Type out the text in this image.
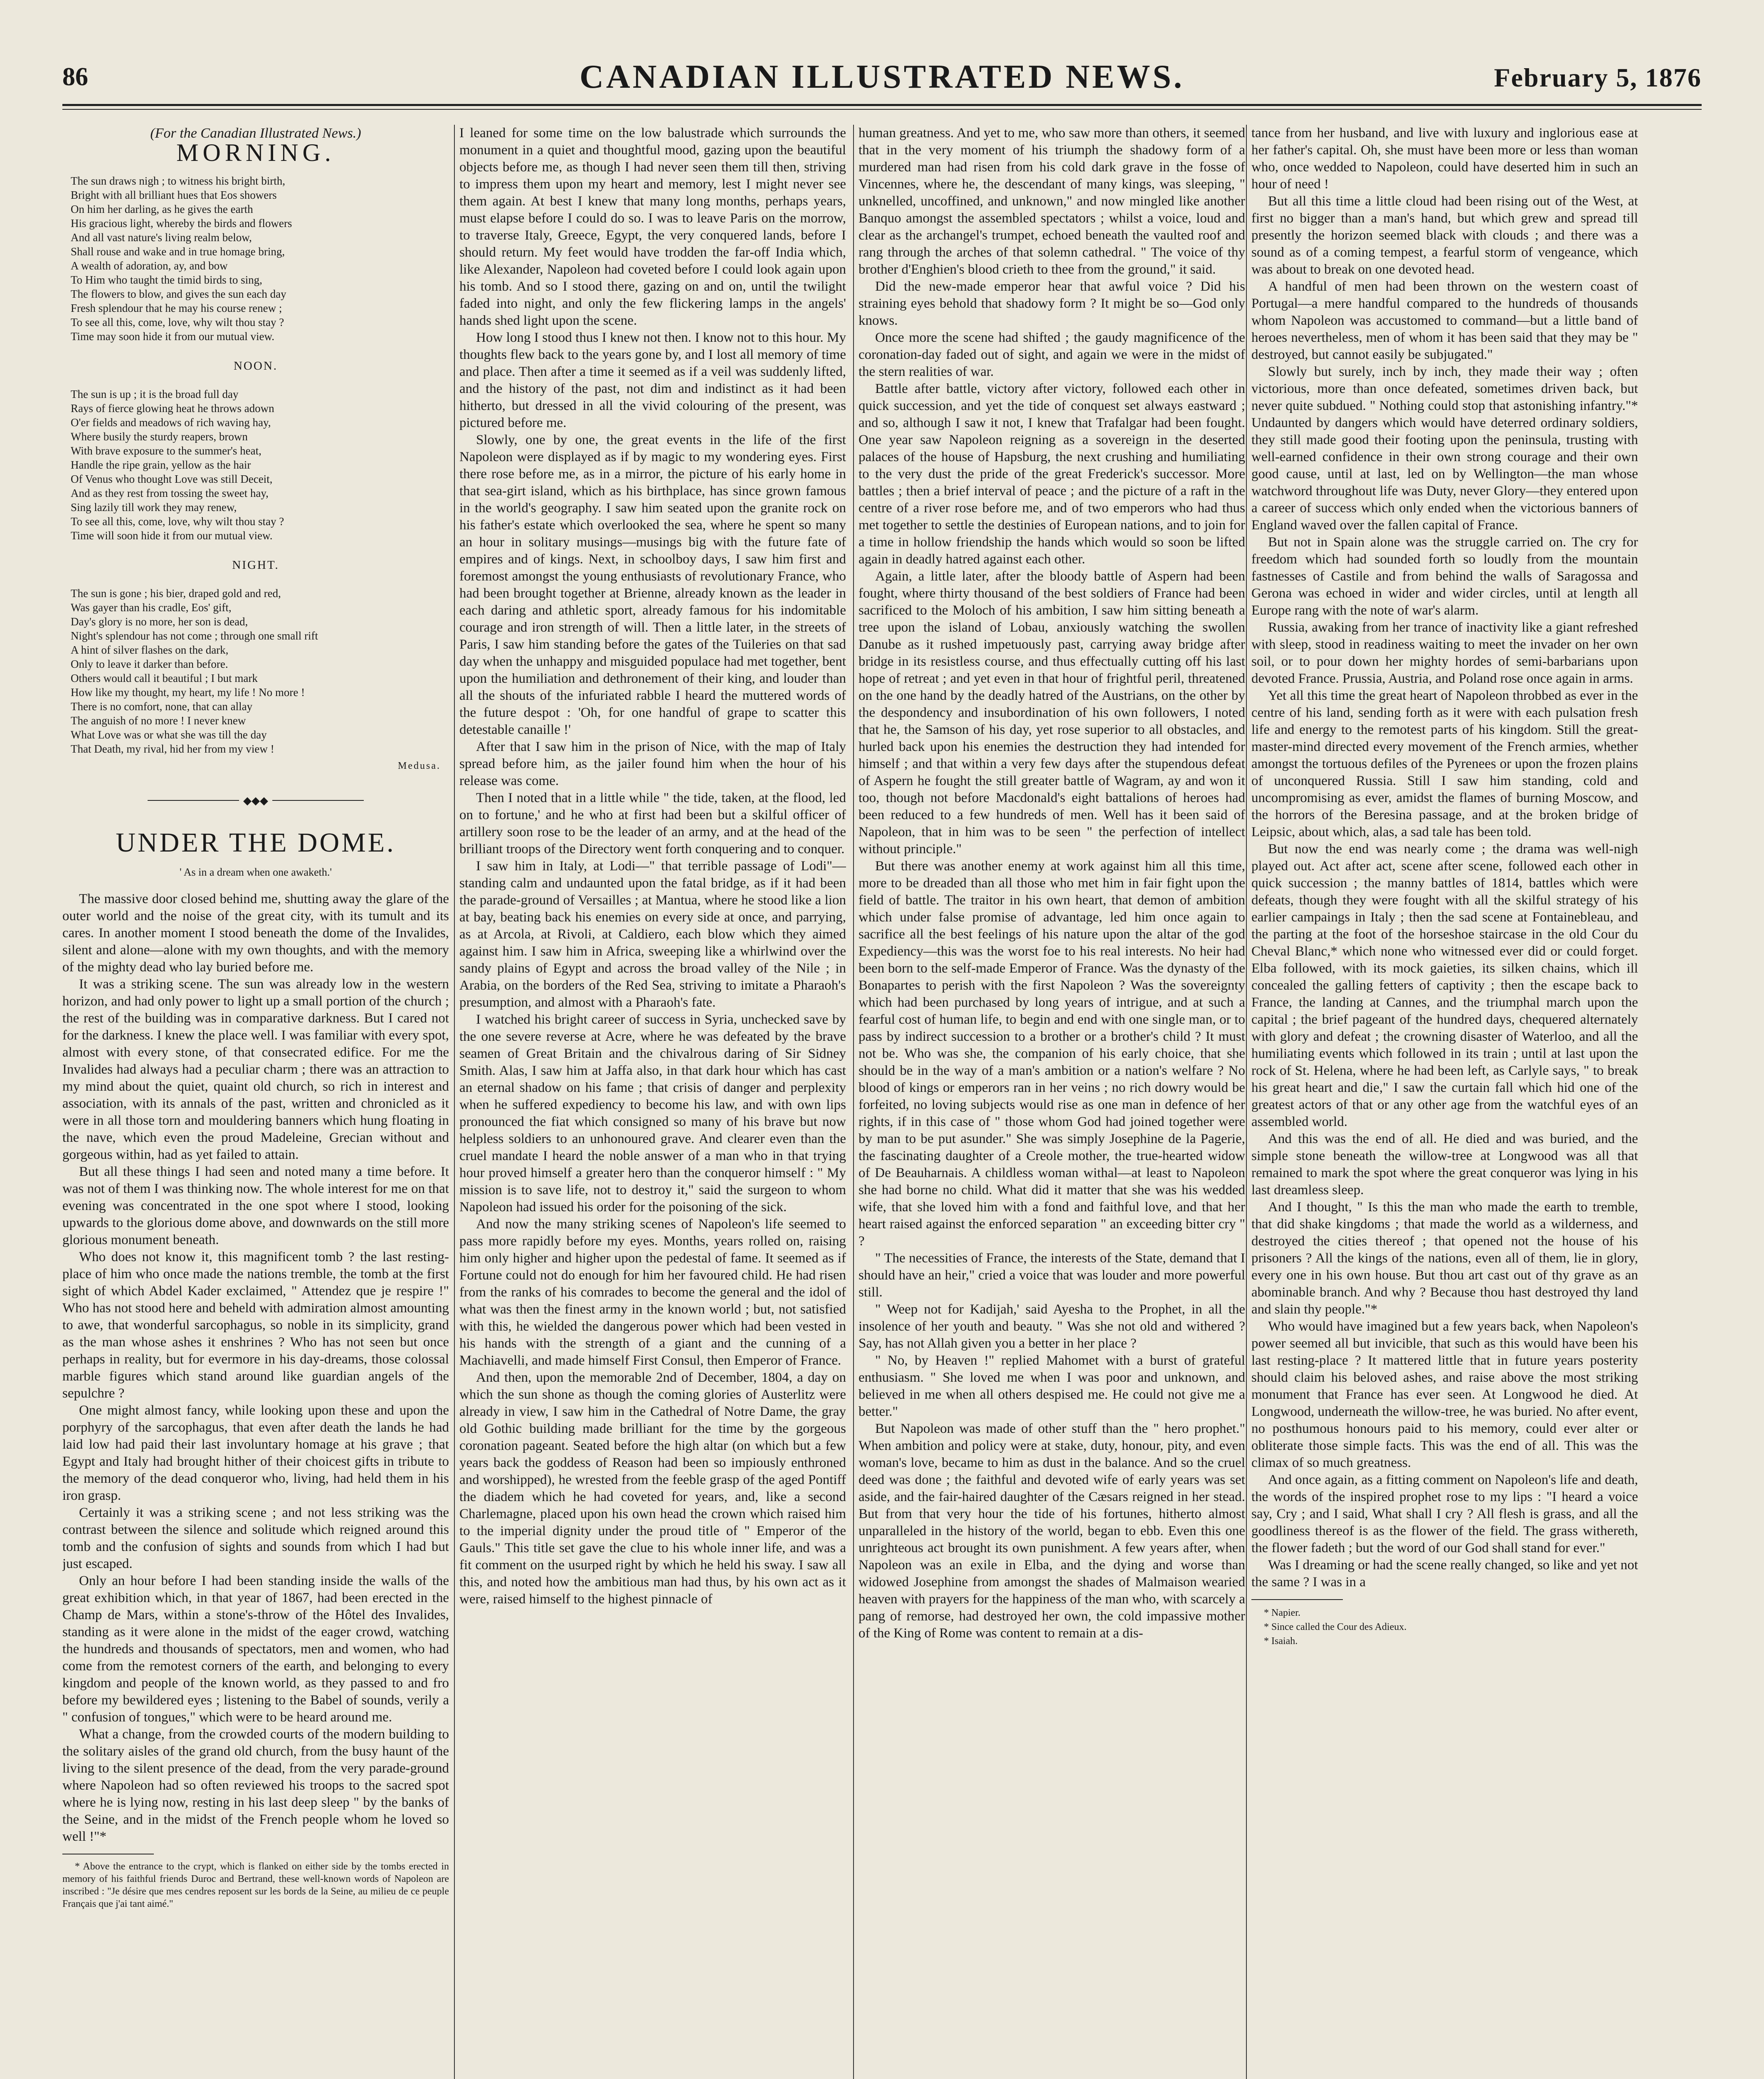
86	CANADIAN ILLUSTRATED NEWS.	February 5, 1876
(For the Canadian Illustrated News.)
MORNING.
The sun draws nigh ; to witness his bright birth,
Bright with all brilliant hues that Eos showers
On him her darling, as he gives the earth
His gracious light, whereby the birds and flowers
And all vast nature's living realm below,
Shall rouse and wake and in true homage bring,
A wealth of adoration, ay, and bow
To Him who taught the timid birds to sing,
The flowers to blow, and gives the sun each day
Fresh splendour that he may his course renew ;
To see all this, come, love, why wilt thou stay ?
Time may soon hide it from our mutual view.
NOON.
The sun is up ; it is the broad full day
Rays of fierce glowing heat he throws adown
O'er fields and meadows of rich waving hay,
Where busily the sturdy reapers, brown
With brave exposure to the summer's heat,
Handle the ripe grain, yellow as the hair
Of Venus who thought Love was still Deceit,
And as they rest from tossing the sweet hay,
Sing lazily till work they may renew,
To see all this, come, love, why wilt thou stay ?
Time will soon hide it from our mutual view.
NIGHT.
The sun is gone ; his bier, draped gold and red,
Was gayer than his cradle, Eos' gift,
Day's glory is no more, her son is dead,
Night's splendour has not come ; through one small rift
A hint of silver flashes on the dark,
Only to leave it darker than before.
Others would call it beautiful ; I but mark
How like my thought, my heart, my life ! No more !
There is no comfort, none, that can allay
The anguish of no more ! I never knew
What Love was or what she was till the day
That Death, my rival, hid her from my view !
Medusa.
◆◆◆
UNDER THE DOME.
' As in a dream when one awaketh.'

The massive door closed behind me, shutting away the glare of the outer world and the noise of the great city, with its tumult and its cares. In another moment I stood beneath the dome of the Invalides, silent and alone—alone with my own thoughts, and with the memory of the mighty dead who lay buried before me.

It was a striking scene. The sun was already low in the western horizon, and had only power to light up a small portion of the church ; the rest of the building was in comparative darkness. But I cared not for the darkness. I knew the place well. I was familiar with every spot, almost with every stone, of that consecrated edifice. For me the Invalides had always had a peculiar charm ; there was an attraction to my mind about the quiet, quaint old church, so rich in interest and association, with its annals of the past, written and chronicled as it were in all those torn and mouldering banners which hung floating in the nave, which even the proud Madeleine, Grecian without and gorgeous within, had as yet failed to attain.

But all these things I had seen and noted many a time before. It was not of them I was thinking now. The whole interest for me on that evening was concentrated in the one spot where I stood, looking upwards to the glorious dome above, and downwards on the still more glorious monument beneath.

Who does not know it, this magnificent tomb ? the last resting-place of him who once made the nations tremble, the tomb at the first sight of which Abdel Kader exclaimed, " Attendez que je respire !" Who has not stood here and beheld with admiration almost amounting to awe, that wonderful sarcophagus, so noble in its simplicity, grand as the man whose ashes it enshrines ? Who has not seen but once perhaps in reality, but for evermore in his day-dreams, those colossal marble figures which stand around like guardian angels of the sepulchre ?

One might almost fancy, while looking upon these and upon the porphyry of the sarcophagus, that even after death the lands he had laid low had paid their last involuntary homage at his grave ; that Egypt and Italy had brought hither of their choicest gifts in tribute to the memory of the dead conqueror who, living, had held them in his iron grasp.

Certainly it was a striking scene ; and not less striking was the contrast between the silence and solitude which reigned around this tomb and the confusion of sights and sounds from which I had but just escaped.

Only an hour before I had been standing inside the walls of the great exhibition which, in that year of 1867, had been erected in the Champ de Mars, within a stone's-throw of the Hôtel des Invalides, standing as it were alone in the midst of the eager crowd, watching the hundreds and thousands of spectators, men and women, who had come from the remotest corners of the earth, and belonging to every kingdom and people of the known world, as they passed to and fro before my bewildered eyes ; listening to the Babel of sounds, verily a " confusion of tongues," which were to be heard around me.

What a change, from the crowded courts of the modern building to the solitary aisles of the grand old church, from the busy haunt of the living to the silent presence of the dead, from the very parade-ground where Napoleon had so often reviewed his troops to the sacred spot where he is lying now, resting in his last deep sleep " by the banks of the Seine, and in the midst of the French people whom he loved so well !"*

* Above the entrance to the crypt, which is flanked on either side by the tombs erected in memory of his faithful friends Duroc and Bertrand, these well-known words of Napoleon are inscribed : "Je désire que mes cendres reposent sur les bords de la Seine, au milieu de ce peuple Français que j'ai tant aimé."

I leaned for some time on the low balustrade which surrounds the monument in a quiet and thoughtful mood, gazing upon the beautiful objects before me, as though I had never seen them till then, striving to impress them upon my heart and memory, lest I might never see them again. At best I knew that many long months, perhaps years, must elapse before I could do so. I was to leave Paris on the morrow, to traverse Italy, Greece, Egypt, the very conquered lands, before I should return. My feet would have trodden the far-off India which, like Alexander, Napoleon had coveted before I could look again upon his tomb. And so I stood there, gazing on and on, until the twilight faded into night, and only the few flickering lamps in the angels' hands shed light upon the scene.

How long I stood thus I knew not then. I know not to this hour. My thoughts flew back to the years gone by, and I lost all memory of time and place. Then after a time it seemed as if a veil was suddenly lifted, and the history of the past, not dim and indistinct as it had been hitherto, but dressed in all the vivid colouring of the present, was pictured before me.

Slowly, one by one, the great events in the life of the first Napoleon were displayed as if by magic to my wondering eyes. First there rose before me, as in a mirror, the picture of his early home in that sea-girt island, which as his birthplace, has since grown famous in the world's geography. I saw him seated upon the granite rock on his father's estate which overlooked the sea, where he spent so many an hour in solitary musings—musings big with the future fate of empires and of kings. Next, in schoolboy days, I saw him first and foremost amongst the young enthusiasts of revolutionary France, who had been brought together at Brienne, already known as the leader in each daring and athletic sport, already famous for his indomitable courage and iron strength of will. Then a little later, in the streets of Paris, I saw him standing before the gates of the Tuileries on that sad day when the unhappy and misguided populace had met together, bent upon the humiliation and dethronement of their king, and louder than all the shouts of the infuriated rabble I heard the muttered words of the future despot : 'Oh, for one handful of grape to scatter this detestable canaille !'

After that I saw him in the prison of Nice, with the map of Italy spread before him, as the jailer found him when the hour of his release was come.

Then I noted that in a little while " the tide, taken, at the flood, led on to fortune,' and he who at first had been but a skilful officer of artillery soon rose to be the leader of an army, and at the head of the brilliant troops of the Directory went forth conquering and to conquer.

I saw him in Italy, at Lodi—" that terrible passage of Lodi"—standing calm and undaunted upon the fatal bridge, as if it had been the parade-ground of Versailles ; at Mantua, where he stood like a lion at bay, beating back his enemies on every side at once, and parrying, as at Arcola, at Rivoli, at Caldiero, each blow which they aimed against him. I saw him in Africa, sweeping like a whirlwind over the sandy plains of Egypt and across the broad valley of the Nile ; in Arabia, on the borders of the Red Sea, striving to imitate a Pharaoh's presumption, and almost with a Pharaoh's fate.

I watched his bright career of success in Syria, unchecked save by the one severe reverse at Acre, where he was defeated by the brave seamen of Great Britain and the chivalrous daring of Sir Sidney Smith. Alas, I saw him at Jaffa also, in that dark hour which has cast an eternal shadow on his fame ; that crisis of danger and perplexity when he suffered expediency to become his law, and with own lips pronounced the fiat which consigned so many of his brave but now helpless soldiers to an unhonoured grave. And clearer even than the cruel mandate I heard the noble answer of a man who in that trying hour proved himself a greater hero than the conqueror himself : " My mission is to save life, not to destroy it," said the surgeon to whom Napoleon had issued his order for the poisoning of the sick.

And now the many striking scenes of Napoleon's life seemed to pass more rapidly before my eyes. Months, years rolled on, raising him only higher and higher upon the pedestal of fame. It seemed as if Fortune could not do enough for him her favoured child. He had risen from the ranks of his comrades to become the general and the idol of what was then the finest army in the known world ; but, not satisfied with this, he wielded the dangerous power which had been vested in his hands with the strength of a giant and the cunning of a Machiavelli, and made himself First Consul, then Emperor of France.

And then, upon the memorable 2nd of December, 1804, a day on which the sun shone as though the coming glories of Austerlitz were already in view, I saw him in the Cathedral of Notre Dame, the gray old Gothic building made brilliant for the time by the gorgeous coronation pageant. Seated before the high altar (on which but a few years back the goddess of Reason had been so impiously enthroned and worshipped), he wrested from the feeble grasp of the aged Pontiff the diadem which he had coveted for years, and, like a second Charlemagne, placed upon his own head the crown which raised him to the imperial dignity under the proud title of " Emperor of the Gauls." This title set gave the clue to his whole inner life, and was a fit comment on the usurped right by which he held his sway. I saw all this, and noted how the ambitious man had thus, by his own act as it were, raised himself to the highest pinnacle of

human greatness. And yet to me, who saw more than others, it seemed that in the very moment of his triumph the shadowy form of a murdered man had risen from his cold dark grave in the fosse of Vincennes, where he, the descendant of many kings, was sleeping, " unknelled, uncoffined, and unknown," and now mingled like another Banquo amongst the assembled spectators ; whilst a voice, loud and clear as the archangel's trumpet, echoed beneath the vaulted roof and rang through the arches of that solemn cathedral. " The voice of thy brother d'Enghien's blood crieth to thee from the ground," it said.

Did the new-made emperor hear that awful voice ? Did his straining eyes behold that shadowy form ? It might be so—God only knows.

Once more the scene had shifted ; the gaudy magnificence of the coronation-day faded out of sight, and again we were in the midst of the stern realities of war.

Battle after battle, victory after victory, followed each other in quick succession, and yet the tide of conquest set always eastward ; and so, although I saw it not, I knew that Trafalgar had been fought. One year saw Napoleon reigning as a sovereign in the deserted palaces of the house of Hapsburg, the next crushing and humiliating to the very dust the pride of the great Frederick's successor. More battles ; then a brief interval of peace ; and the picture of a raft in the centre of a river rose before me, and of two emperors who had thus met together to settle the destinies of European nations, and to join for a time in hollow friendship the hands which would so soon be lifted again in deadly hatred against each other.

Again, a little later, after the bloody battle of Aspern had been fought, where thirty thousand of the best soldiers of France had been sacrificed to the Moloch of his ambition, I saw him sitting beneath a tree upon the island of Lobau, anxiously watching the swollen Danube as it rushed impetuously past, carrying away bridge after bridge in its resistless course, and thus effectually cutting off his last hope of retreat ; and yet even in that hour of frightful peril, threatened on the one hand by the deadly hatred of the Austrians, on the other by the despondency and insubordination of his own followers, I noted that he, the Samson of his day, yet rose superior to all obstacles, and hurled back upon his enemies the destruction they had intended for himself ; and that within a very few days after the stupendous defeat of Aspern he fought the still greater battle of Wagram, ay and won it too, though not before Macdonald's eight battalions of heroes had been reduced to a few hundreds of men. Well has it been said of Napoleon, that in him was to be seen " the perfection of intellect without principle."

But there was another enemy at work against him all this time, more to be dreaded than all those who met him in fair fight upon the field of battle. The traitor in his own heart, that demon of ambition which under false promise of advantage, led him once again to sacrifice all the best feelings of his nature upon the altar of the god Expediency—this was the worst foe to his real interests. No heir had been born to the self-made Emperor of France. Was the dynasty of the Bonapartes to perish with the first Napoleon ? Was the sovereignty which had been purchased by long years of intrigue, and at such a fearful cost of human life, to begin and end with one single man, or to pass by indirect succession to a brother or a brother's child ? It must not be. Who was she, the companion of his early choice, that she should be in the way of a man's ambition or a nation's welfare ? No blood of kings or emperors ran in her veins ; no rich dowry would be forfeited, no loving subjects would rise as one man in defence of her rights, if in this case of " those whom God had joined together were by man to be put asunder." She was simply Josephine de la Pagerie, the fascinating daughter of a Creole mother, the true-hearted widow of De Beauharnais. A childless woman withal—at least to Napoleon she had borne no child. What did it matter that she was his wedded wife, that she loved him with a fond and faithful love, and that her heart raised against the enforced separation " an exceeding bitter cry " ?

" The necessities of France, the interests of the State, demand that I should have an heir," cried a voice that was louder and more powerful still.

" Weep not for Kadijah,' said Ayesha to the Prophet, in all the insolence of her youth and beauty. " Was she not old and withered ? Say, has not Allah given you a better in her place ?

" No, by Heaven !" replied Mahomet with a burst of grateful enthusiasm. " She loved me when I was poor and unknown, and believed in me when all others despised me. He could not give me a better."

But Napoleon was made of other stuff than the " hero prophet." When ambition and policy were at stake, duty, honour, pity, and even woman's love, became to him as dust in the balance. And so the cruel deed was done ; the faithful and devoted wife of early years was set aside, and the fair-haired daughter of the Cæsars reigned in her stead. But from that very hour the tide of his fortunes, hitherto almost unparalleled in the history of the world, began to ebb. Even this one unrighteous act brought its own punishment. A few years after, when Napoleon was an exile in Elba, and the dying and worse than widowed Josephine from amongst the shades of Malmaison wearied heaven with prayers for the happiness of the man who, with scarcely a pang of remorse, had destroyed her own, the cold impassive mother of the King of Rome was content to remain at a dis-

tance from her husband, and live with luxury and inglorious ease at her father's capital. Oh, she must have been more or less than woman who, once wedded to Napoleon, could have deserted him in such an hour of need !

But all this time a little cloud had been rising out of the West, at first no bigger than a man's hand, but which grew and spread till presently the horizon seemed black with clouds ; and there was a sound as of a coming tempest, a fearful storm of vengeance, which was about to break on one devoted head.

A handful of men had been thrown on the western coast of Portugal—a mere handful compared to the hundreds of thousands whom Napoleon was accustomed to command—but a little band of heroes nevertheless, men of whom it has been said that they may be " destroyed, but cannot easily be subjugated."

Slowly but surely, inch by inch, they made their way ; often victorious, more than once defeated, sometimes driven back, but never quite subdued. " Nothing could stop that astonishing infantry."* Undaunted by dangers which would have deterred ordinary soldiers, they still made good their footing upon the peninsula, trusting with well-earned confidence in their own strong courage and their own good cause, until at last, led on by Wellington—the man whose watchword throughout life was Duty, never Glory—they entered upon a career of success which only ended when the victorious banners of England waved over the fallen capital of France.

But not in Spain alone was the struggle carried on. The cry for freedom which had sounded forth so loudly from the mountain fastnesses of Castile and from behind the walls of Saragossa and Gerona was echoed in wider and wider circles, until at length all Europe rang with the note of war's alarm.

Russia, awaking from her trance of inactivity like a giant refreshed with sleep, stood in readiness waiting to meet the invader on her own soil, or to pour down her mighty hordes of semi-barbarians upon devoted France. Prussia, Austria, and Poland rose once again in arms.

Yet all this time the great heart of Napoleon throbbed as ever in the centre of his land, sending forth as it were with each pulsation fresh life and energy to the remotest parts of his kingdom. Still the great-master-mind directed every movement of the French armies, whether amongst the tortuous defiles of the Pyrenees or upon the frozen plains of unconquered Russia. Still I saw him standing, cold and uncompromising as ever, amidst the flames of burning Moscow, and the horrors of the Beresina passage, and at the broken bridge of Leipsic, about which, alas, a sad tale has been told.

But now the end was nearly come ; the drama was well-nigh played out. Act after act, scene after scene, followed each other in quick succession ; the manny battles of 1814, battles which were defeats, though they were fought with all the skilful strategy of his earlier campaings in Italy ; then the sad scene at Fontainebleau, and the parting at the foot of the horseshoe staircase in the old Cour du Cheval Blanc,* which none who witnessed ever did or could forget. Elba followed, with its mock gaieties, its silken chains, which ill concealed the galling fetters of captivity ; then the escape back to France, the landing at Cannes, and the triumphal march upon the capital ; the brief pageant of the hundred days, chequered alternately with glory and defeat ; the crowning disaster of Waterloo, and all the humiliating events which followed in its train ; until at last upon the rock of St. Helena, where he had been left, as Carlyle says, " to break his great heart and die," I saw the curtain fall which hid one of the greatest actors of that or any other age from the watchful eyes of an assembled world.

And this was the end of all. He died and was buried, and the simple stone beneath the willow-tree at Longwood was all that remained to mark the spot where the great conqueror was lying in his last dreamless sleep.

And I thought, " Is this the man who made the earth to tremble, that did shake kingdoms ; that made the world as a wilderness, and destroyed the cities thereof ; that opened not the house of his prisoners ? All the kings of the nations, even all of them, lie in glory, every one in his own house. But thou art cast out of thy grave as an abominable branch. And why ? Because thou hast destroyed thy land and slain thy people."*

Who would have imagined but a few years back, when Napoleon's power seemed all but invicible, that such as this would have been his last resting-place ? It mattered little that in future years posterity should claim his beloved ashes, and raise above the most striking monument that France has ever seen. At Longwood he died. At Longwood, underneath the willow-tree, he was buried. No after event, no posthumous honours paid to his memory, could ever alter or obliterate those simple facts. This was the end of all. This was the climax of so much greatness.

And once again, as a fitting comment on Napoleon's life and death, the words of the inspired prophet rose to my lips : "I heard a voice say, Cry ; and I said, What shall I cry ? All flesh is grass, and all the goodliness thereof is as the flower of the field. The grass withereth, the flower fadeth ; but the word of our God shall stand for ever."

Was I dreaming or had the scene really changed, so like and yet not the same ? I was in a

* Napier.
* Since called the Cour des Adieux.
* Isaiah.
